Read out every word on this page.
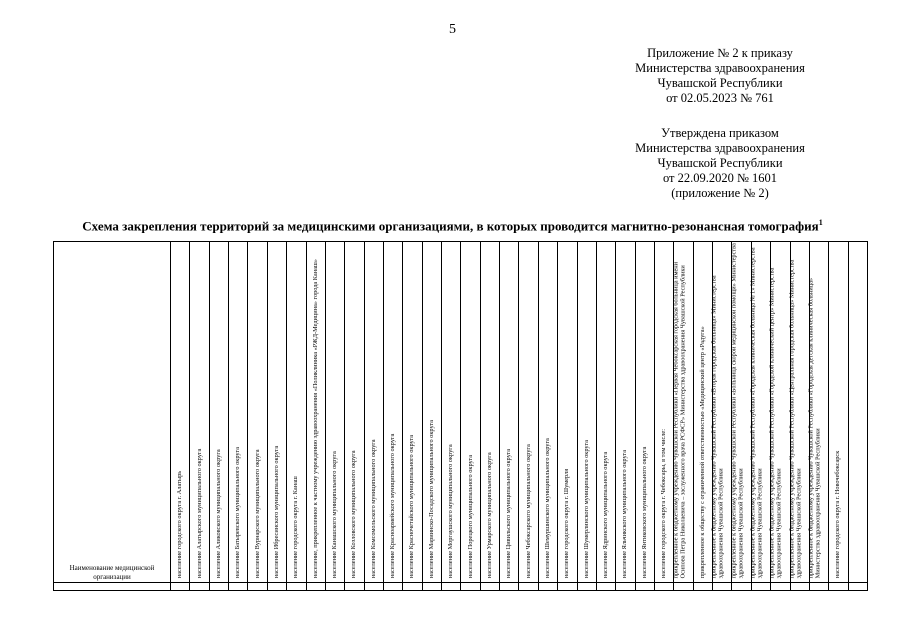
5
Приложение № 2 к приказу
Министерства здравоохранения
Чувашской Республики
от 02.05.2023 № 761
Утверждена приказом
Министерства здравоохранения
Чувашской Республики
от 22.09.2020 № 1601
(приложение № 2)
Схема закрепления территорий за медицинскими организациями, в которых проводится магнитно-резонансная томография$^1$
Наименование медицинской организации	население городского округа г. Алатырь	население Алатырского муниципального округа	население Аликовского муниципального округа	население Батыревского муниципального округа	население Вурнарского муниципального округа	население Ибресинского муниципального округа	население городского округа г. Канаш	население, прикрепленное к частному учреждению здравоохранения «Поликлиника «РЖД-Медицина» города Канаш»	население Канашского муниципального округа	население Козловского муниципального округа	население Комсомольского муниципального округа	население Красноармейского муниципального округа	население Красночетайского муниципального округа	население Мариинско-Посадского муниципального округа	население Моргаушского муниципального округа	население Порецкого муниципального округа	население Урмарского муниципального округа	население Цивильского муниципального округа	население Чебоксарского муниципального округа	население Шемуршинского муниципального округа	население городского округа г. Шумерля	население Шумерлинского муниципального округа	население Ядринского муниципального округа	население Яльчикского муниципального округа	население Янтиковского муниципального округа	население городского округа г. Чебоксары, в том числе:	прикрепленное к бюджетному учреждению Чувашской Республики «Первая Чебоксарская городская больница имени Осипова Петра Николаевича – заслуженного врача РСФСР» Министерства здравоохранения Чувашской Республики	прикрепленное к обществу с ограниченной ответственностью «Медицинский центр «Радуга»	прикрепленное к бюджетному учреждению Чувашской Республики «Вторая городская больница» Министерства здравоохранения Чувашской Республики	прикрепленное к бюджетному учреждению Чувашской Республики «Больница скорой медицинской помощи» Министерства здравоохранения Чувашской Республики	прикрепленное к бюджетному учреждению Чувашской Республики «Городская клиническая больница № 1» Министерства здравоохранения Чувашской Республики	прикрепленное к бюджетному учреждению Чувашской Республики «Городской клинический центр» Министерства здравоохранения Чувашской Республики	прикрепленное к бюджетному учреждению Чувашской Республики «Центральная городская больница» Министерства здравоохранения Чувашской Республики	прикрепленное к бюджетному учреждению Чувашской Республики «Городская детская клиническая больница» Министерства здравоохранения Чувашской Республики	население городского округа г. Новочебоксарск	
